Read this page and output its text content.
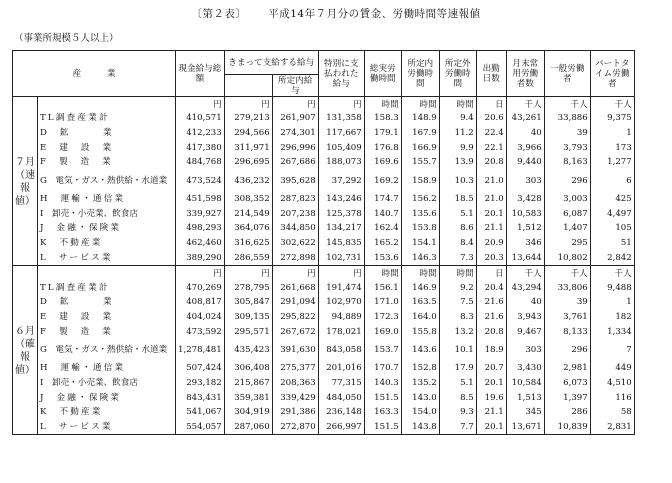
〔第２表〕 平成14年７月分の賃金、労働時間等速報値
（事業所規模５人以上）
産　　　業		現金給与総額	きまって支給する給与		特別に支払われた給与	総実労働時間	所定内労働時間	所定外労働時間	出勤日数	月末常用労働者数	一般労働者	パートタイム労働者
				所定内給与								
７月（速報値）		円	円	円	円	時間	時間	時間	日	千人	千人	千人
	TL調査産業計	410,571	279,213	261,907	131,358	158.3	148.9	9.4	20.6	43,261	33,886	9,375
	D　鉱　　　業	412,233	294,566	274,301	117,667	179.1	167.9	11.2	22.4	40	39	1
	E　建　設　業	417,380	311,971	296,996	105,409	176.8	166.9	9.9	22.1	3,966	3,793	173
	F　製　造　業	484,768	296,695	267,686	188,073	169.6	155.7	13.9	20.8	9,440	8,163	1,277
	G　電気・ガス・熱供給・水道業	473,524	436,232	395,628	37,292	169.2	158.9	10.3	21.0	303	296	6
	H　運輸・通信業	451,598	308,352	287,823	143,246	174.7	156.2	18.5	21.0	3,428	3,003	425
	I　卸売・小売業、飲食店	339,927	214,549	207,238	125,378	140.7	135.6	5.1	20.1	10,583	6,087	4,497
	J　金融・保険業	498,293	364,076	344,850	134,217	162.4	153.8	8.6	21.1	1,512	1,407	105
	K　不動産業	462,460	316,625	302,622	145,835	165.2	154.1	8.4	20.9	346	295	51
	L　サービス業	389,290	286,559	272,898	102,731	153.6	146.3	7.3	20.3	13,644	10,802	2,842
６月（確報値）		円	円	円	円	時間	時間	時間	日	千人	千人	千人
	TL調査産業計	470,269	278,795	261,668	191,474	156.1	146.9	9.2	20.4	43,294	33,806	9,488
	D　鉱　　　業	408,817	305,847	291,094	102,970	171.0	163.5	7.5	21.6	40	39	1
	E　建　設　業	404,024	309,135	295,822	94,889	172.3	164.0	8.3	21.6	3,943	3,761	182
	F　製　造　業	473,592	295,571	267,672	178,021	169.0	155.8	13.2	20.8	9,467	8,133	1,334
	G　電気・ガス・熱供給・水道業	1,278,481	435,423	391,630	843,058	153.7	143.6	10.1	18.9	303	296	7
	H　運輸・通信業	507,424	306,408	275,377	201,016	170.7	152.8	17.9	20.7	3,430	2,981	449
	I　卸売・小売業、飲食店	293,182	215,867	208,363	77,315	140.3	135.2	5.1	20.1	10,584	6,073	4,510
	J　金融・保険業	843,431	359,381	339,429	484,050	151.5	143.0	8.5	19.6	1,513	1,397	116
	K　不動産業	541,067	304,919	291,386	236,148	163.3	154.0	9.3	21.1	345	286	58
	L　サービス業	554,057	287,060	272,870	266,997	151.5	143.8	7.7	20.1	13,671	10,839	2,831
